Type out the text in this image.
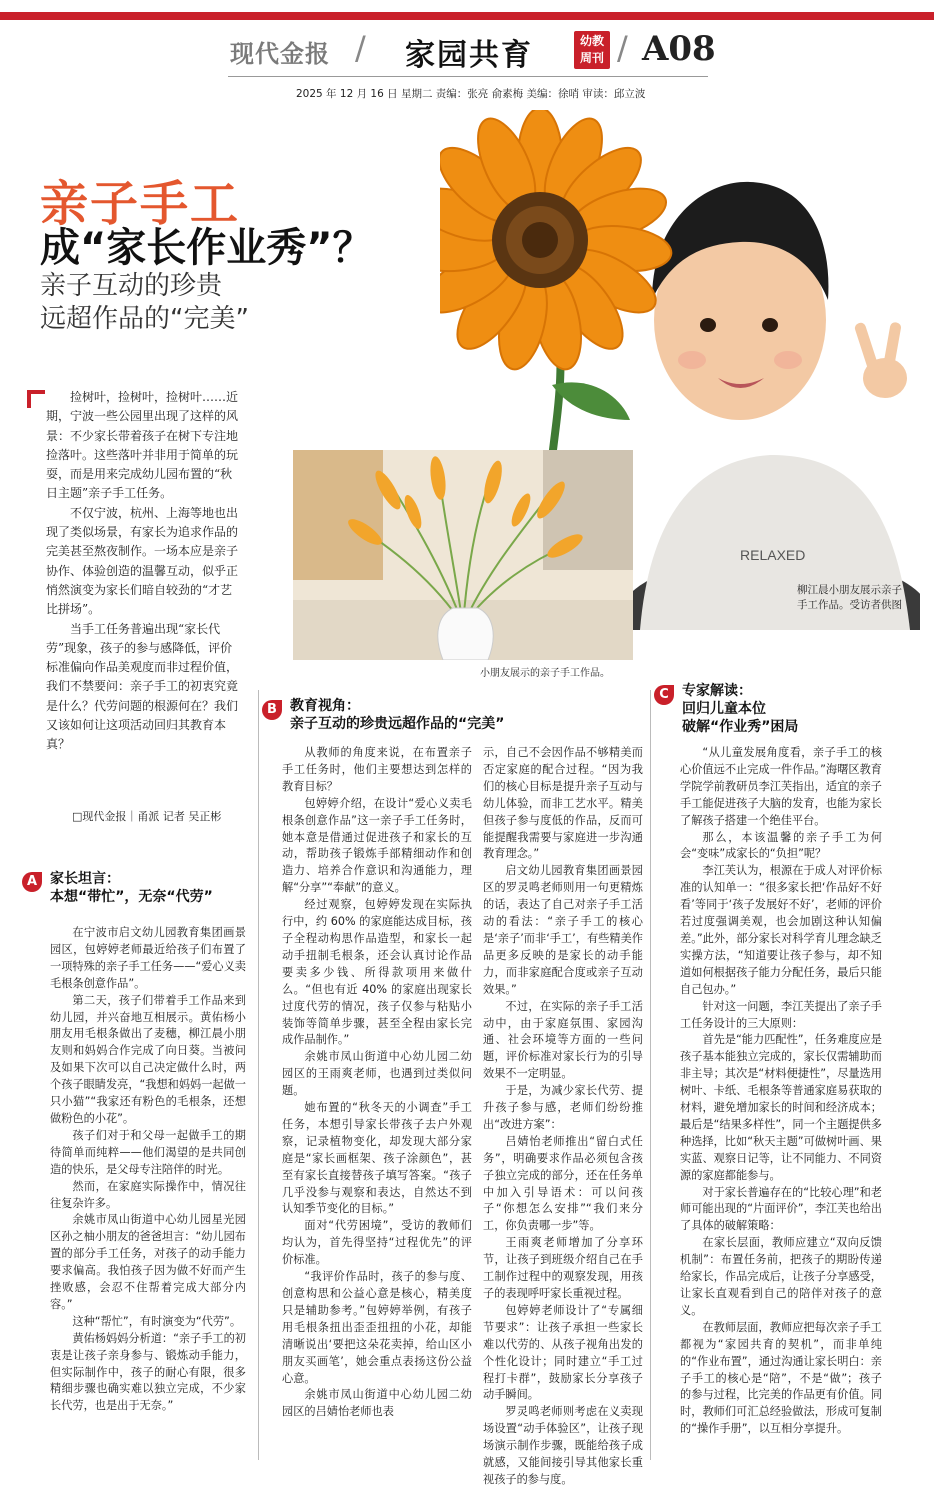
现代金报 / 家园共育	幼教
周刊 / A08
2025 年 12 月 16 日 星期二 责编：张亮 俞素梅 美编：徐哨 审读：邱立波
亲子手工
成“家长作业秀”？
亲子互动的珍贵
远超作品的“完美”
RELAXED
柳江晨小朋友展示亲子手工作品。受访者供图
小朋友展示的亲子手工作品。

捡树叶，捡树叶，捡树叶……近期，宁波一些公园里出现了这样的风景：不少家长带着孩子在树下专注地捡落叶。这些落叶并非用于简单的玩耍，而是用来完成幼儿园布置的“秋日主题”亲子手工任务。

不仅宁波，杭州、上海等地也出现了类似场景，有家长为追求作品的完美甚至熬夜制作。一场本应是亲子协作、体验创造的温馨互动，似乎正悄然演变为家长们暗自较劲的“才艺比拼场”。

当手工任务普遍出现“家长代劳”现象，孩子的参与感降低，评价标准偏向作品美观度而非过程价值，我们不禁要问：亲子手工的初衷究竟是什么？代劳问题的根源何在？我们又该如何让这项活动回归其教育本真？

□现代金报｜甬派 记者 吴正彬
A 家长坦言：
本想“带忙”，无奈“代劳”

在宁波市启文幼儿园教育集团画景园区，包婷婷老师最近给孩子们布置了一项特殊的亲子手工任务——“爱心义卖毛根条创意作品”。

第二天，孩子们带着手工作品来到幼儿园，并兴奋地互相展示。黄佑杨小朋友用毛根条做出了麦穗，柳江晨小朋友则和妈妈合作完成了向日葵。当被问及如果下次可以自己决定做什么时，两个孩子眼睛发亮，“我想和妈妈一起做一只小猫”“我家还有粉色的毛根条，还想做粉色的小花”。

孩子们对于和父母一起做手工的期待简单而纯粹——他们渴望的是共同创造的快乐，是父母专注陪伴的时光。

然而，在家庭实际操作中，情况往往复杂许多。

余姚市凤山街道中心幼儿园星光园区孙之柚小朋友的爸爸坦言：“幼儿园布置的部分手工任务，对孩子的动手能力要求偏高。我怕孩子因为做不好而产生挫败感，会忍不住帮着完成大部分内容。”

这种“帮忙”，有时演变为“代劳”。

黄佑杨妈妈分析道：“亲子手工的初衷是让孩子亲身参与、锻炼动手能力，但实际制作中，孩子的耐心有限，很多精细步骤也确实难以独立完成，不少家长代劳，也是出于无奈。”

B 教育视角：
亲子互动的珍贵远超作品的“完美”

从教师的角度来说，在布置亲子手工任务时，他们主要想达到怎样的教育目标？

包婷婷介绍，在设计“爱心义卖毛根条创意作品”这一亲子手工任务时，她本意是借通过促进孩子和家长的互动，帮助孩子锻炼手部精细动作和创造力、培养合作意识和沟通能力，理解“分享”“奉献”的意义。

经过观察，包婷婷发现在实际执行中，约 60% 的家庭能达成目标，孩子全程动构思作品造型，和家长一起动手扭制毛根条，还会认真讨论作品要卖多少钱、所得款项用来做什么。“但也有近 40% 的家庭出现家长过度代劳的情况，孩子仅参与粘贴小装饰等简单步骤，甚至全程由家长完成作品制作。”

余姚市凤山街道中心幼儿园二幼园区的王雨爽老师，也遇到过类似问题。

她布置的“秋冬天的小调查”手工任务，本想引导家长带孩子去户外观察，记录植物变化，却发现大部分家庭是“家长画框架、孩子涂颜色”，甚至有家长直接替孩子填写答案。“孩子几乎没参与观察和表达，自然达不到认知季节变化的目标。”

面对“代劳困境”，受访的教师们均认为，首先得坚持“过程优先”的评价标准。

“我评价作品时，孩子的参与度、创意构思和公益心意是核心，精美度只是辅助参考。”包婷婷举例，有孩子用毛根条扭出歪歪扭扭的小花，却能清晰说出‘要把这朵花卖掉，给山区小朋友买画笔’，她会重点表扬这份公益心意。

余姚市凤山街道中心幼儿园二幼园区的吕婧怡老师也表

示，自己不会因作品不够精美而否定家庭的配合过程。“因为我们的核心目标是提升亲子互动与幼儿体验，而非工艺水平。精美但孩子参与度低的作品，反而可能提醒我需要与家庭进一步沟通教育理念。”

启文幼儿园教育集团画景园区的罗灵鸣老师则用一句更精炼的话，表达了自己对亲子手工活动的看法：“亲子手工的核心是‘亲子’而非‘手工’，有些精美作品更多反映的是家长的动手能力，而非家庭配合度或亲子互动效果。”

不过，在实际的亲子手工活动中，由于家庭氛围、家园沟通、社会环境等方面的一些问题，评价标准对家长行为的引导效果不一定明显。

于是，为减少家长代劳、提升孩子参与感，老师们纷纷推出“改进方案”：

吕婧怡老师推出“留白式任务”，明确要求作品必须包含孩子独立完成的部分，还在任务单中加入引导语术：可以问孩子“你想怎么安排”“我们来分工，你负责哪一步”等。

王雨爽老师增加了分享环节，让孩子到班级介绍自己在手工制作过程中的观察发现，用孩子的表现呼吁家长重视过程。

包婷婷老师设计了“专属细节要求”：让孩子承担一些家长难以代劳的、从孩子视角出发的个性化设计；同时建立“手工过程打卡群”，鼓励家长分享孩子动手瞬间。

罗灵鸣老师则考虑在义卖现场设置“动手体验区”，让孩子现场演示制作步骤，既能给孩子成就感，又能间接引导其他家长重视孩子的参与度。

C 专家解读：
回归儿童本位
破解“作业秀”困局

“从儿童发展角度看，亲子手工的核心价值远不止完成一件作品。”海曙区教育学院学前教研员李江芙指出，适宜的亲子手工能促进孩子大脑的发育，也能为家长了解孩子搭建一个绝佳平台。

那么，本该温馨的亲子手工为何会“变味”成家长的“负担”呢？

李江芙认为，根源在于成人对评价标准的认知单一：“很多家长把‘作品好不好看’等同于‘孩子发展好不好’，老师的评价若过度强调美观，也会加剧这种认知偏差。”此外，部分家长对科学育儿理念缺乏实操方法，“知道要让孩子参与，却不知道如何根据孩子能力分配任务，最后只能自己包办。”

针对这一问题，李江芙提出了亲子手工任务设计的三大原则：

首先是“能力匹配性”，任务难度应是孩子基本能独立完成的，家长仅需辅助而非主导；其次是“材料便捷性”，尽量选用树叶、卡纸、毛根条等普通家庭易获取的材料，避免增加家长的时间和经济成本；最后是“结果多样性”，同一个主题提供多种选择，比如“秋天主题”可做树叶画、果实蓝、观察日记等，让不同能力、不同资源的家庭都能参与。

对于家长普遍存在的“比较心理”和老师可能出现的“片面评价”，李江芙也给出了具体的破解策略：

在家长层面，教师应建立“双向反馈机制”：布置任务前，把孩子的期盼传递给家长，作品完成后，让孩子分享感受，让家长直观看到自己的陪伴对孩子的意义。

在教师层面，教师应把每次亲子手工都视为“家园共育的契机”，而非单纯的“作业布置”，通过沟通让家长明白：亲子手工的核心是“陪”，不是“做”；孩子的参与过程，比完美的作品更有价值。同时，教师们可汇总经验做法，形成可复制的“操作手册”，以互相分享提升。
